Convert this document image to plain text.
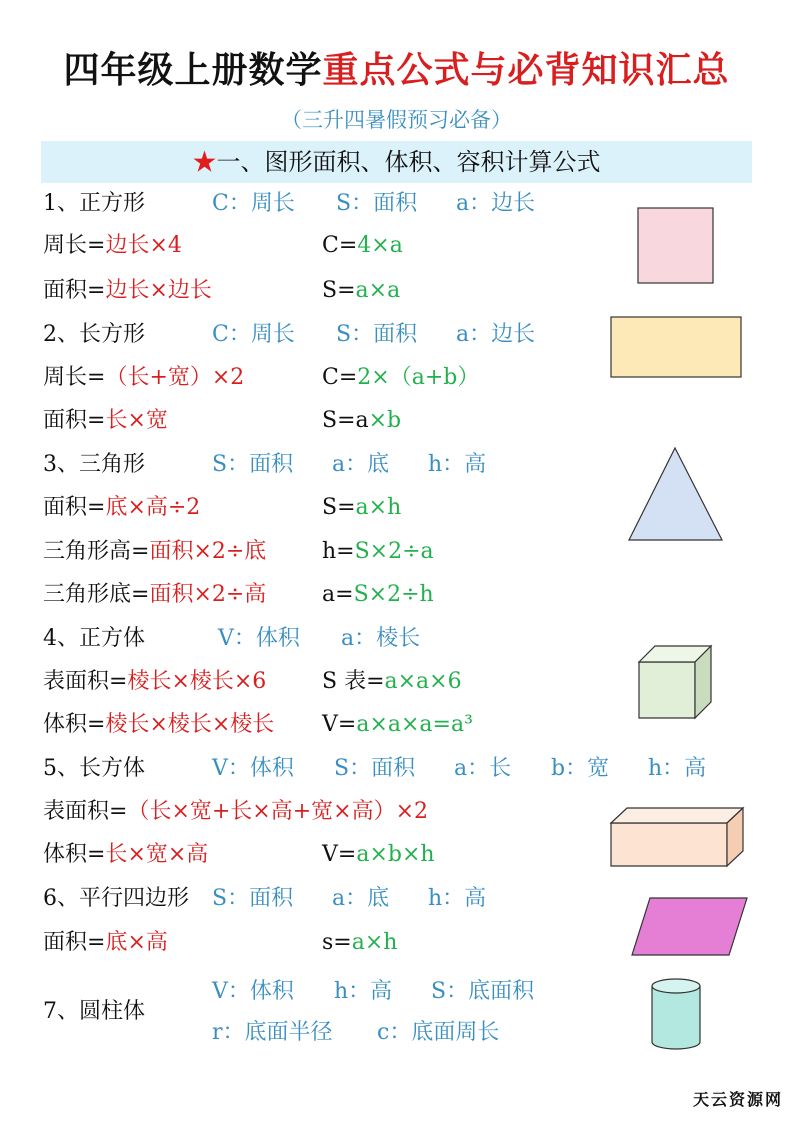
四年级上册数学重点公式与必背知识汇总
（三升四暑假预习必备）
★一、图形面积、体积、容积计算公式
1、正方形	C：周长 S：面积 a：边长
周长=边长×4	C=4×a
面积=边长×边长	S=a×a
2、长方形	C：周长 S：面积 a：边长
周长=（长+宽）×2	C=2×（a+b）
面积=长×宽	S=a×b
3、三角形	S：面积 a：底 h：高
面积=底×高÷2	S=a×h
三角形高=面积×2÷底	h=S×2÷a
三角形底=面积×2÷高	a=S×2÷h
4、正方体	V：体积 a：棱长
表面积=棱长×棱长×6	S 表=a×a×6
体积=棱长×棱长×棱长 V=a×a×a=a³
5、长方体	V：体积 S：面积 a：长 b：宽 h：高
表面积=（长×宽+长×高+宽×高）×2
体积=长×宽×高	V=a×b×h
6、平行四边形 S：面积 a：底 h：高
面积=底×高	s=a×h
7、圆柱体
V：体积 h：高 S：底面积
r：底面半径 c：底面周长
天云资源网
